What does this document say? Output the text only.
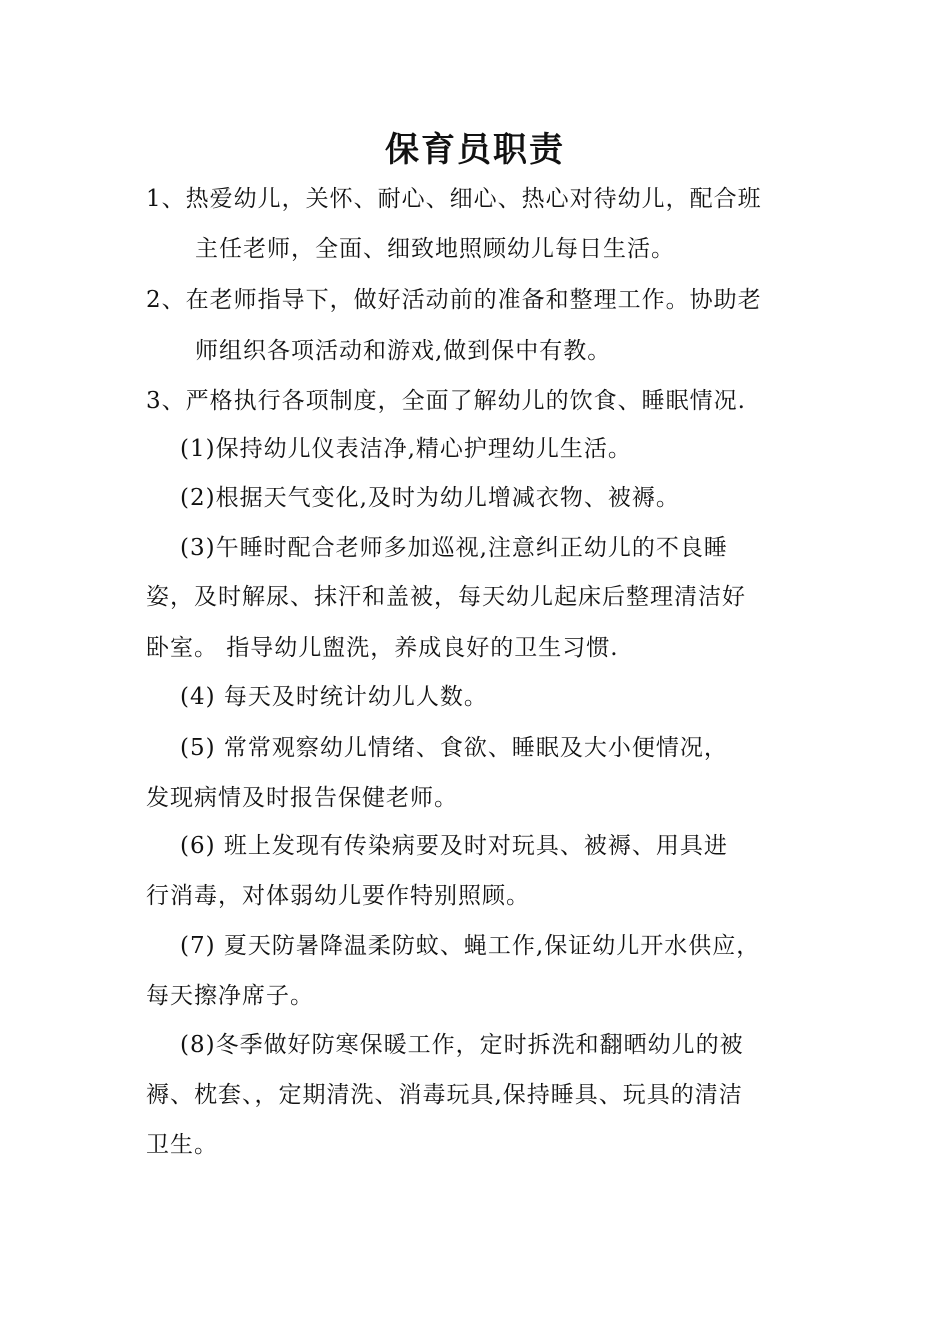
保育员职责
1、热爱幼儿，关怀、耐心、细心、热心对待幼儿，配合班
主任老师，全面、细致地照顾幼儿每日生活。
2、在老师指导下，做好活动前的准备和整理工作。协助老
师组织各项活动和游戏,做到保中有教。
3、严格执行各项制度，全面了解幼儿的饮食、睡眠情况.
(1)保持幼儿仪表洁净,精心护理幼儿生活。
(2)根据天气变化,及时为幼儿增减衣物、被褥。
(3)午睡时配合老师多加巡视,注意纠正幼儿的不良睡
姿，及时解尿、抹汗和盖被，每天幼儿起床后整理清洁好
卧室。 指导幼儿盥洗，养成良好的卫生习惯.
(4) 每天及时统计幼儿人数。
(5) 常常观察幼儿情绪、食欲、睡眠及大小便情况，
发现病情及时报告保健老师。
(6) 班上发现有传染病要及时对玩具、被褥、用具进
行消毒，对体弱幼儿要作特别照顾。
(7) 夏天防暑降温柔防蚊、蝇工作,保证幼儿开水供应，
每天擦净席子。
(8)冬季做好防寒保暖工作，定时拆洗和翻晒幼儿的被
褥、枕套、，定期清洗、消毒玩具,保持睡具、玩具的清洁
卫生。
